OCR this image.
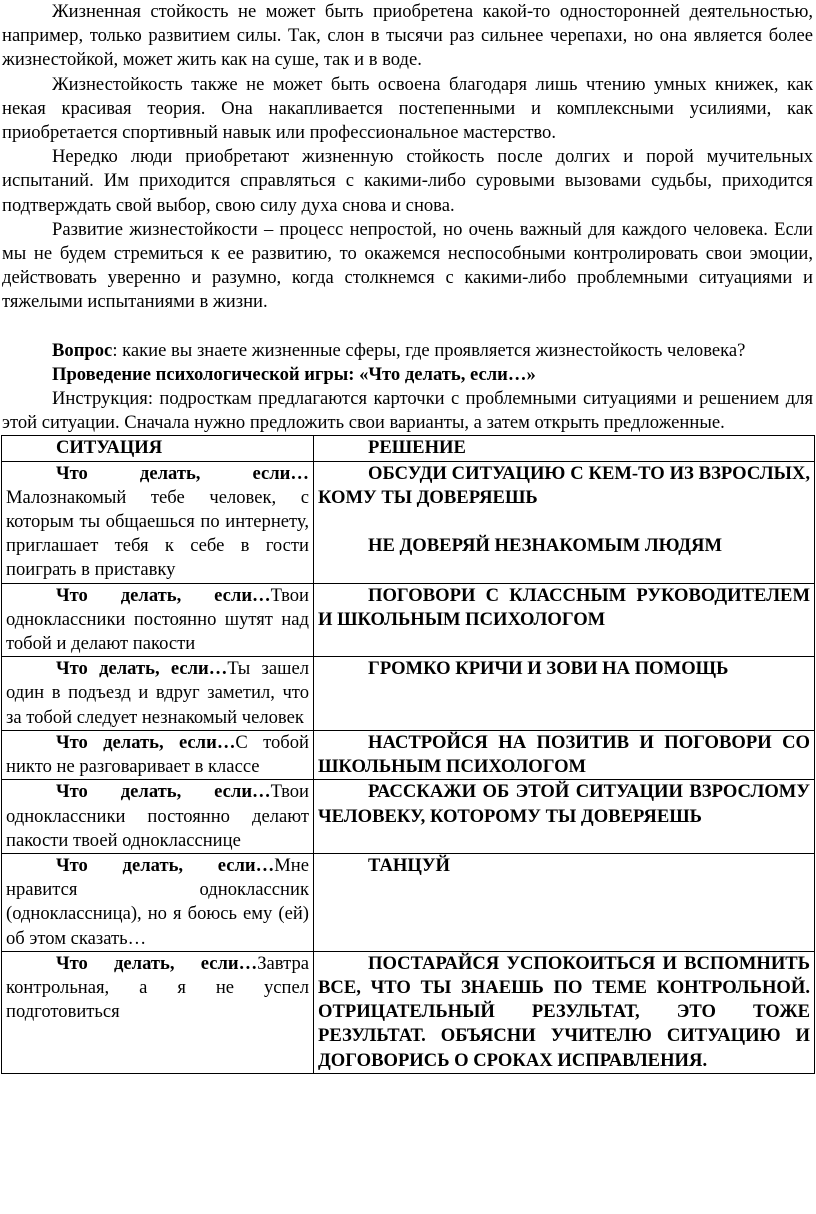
Жизненная стойкость не может быть приобретена какой-то односторонней деятельностью, например, только развитием силы. Так, слон в тысячи раз сильнее черепахи, но она является более жизнестойкой, может жить как на суше, так и в воде.

Жизнестойкость также не может быть освоена благодаря лишь чтению умных книжек, как некая красивая теория. Она накапливается постепенными и комплексными усилиями, как приобретается спортивный навык или профессиональное мастерство.

Нередко люди приобретают жизненную стойкость после долгих и порой мучительных испытаний. Им приходится справляться с какими-либо суровыми вызовами судьбы, приходится подтверждать свой выбор, свою силу духа снова и снова.

Развитие жизнестойкости – процесс непростой, но очень важный для каждого человека. Если мы не будем стремиться к ее развитию, то окажемся неспособными контролировать свои эмоции, действовать уверенно и разумно, когда столкнемся с какими-либо проблемными ситуациями и тяжелыми испытаниями в жизни.

Вопрос: какие вы знаете жизненные сферы, где проявляется жизнестойкость человека?

Проведение психологической игры: «Что делать, если…»

Инструкция: подросткам предлагаются карточки с проблемными ситуациями и решением для этой ситуации. Сначала нужно предложить свои варианты, а затем открыть предложенные.

СИТУАЦИЯ	РЕШЕНИЕ
Что делать, если…Малознакомый тебе человек, с которым ты общаешься по интернету, приглашает тебя к себе в гости поиграть в приставку	ОБСУДИ СИТУАЦИЮ С КЕМ-ТО ИЗ ВЗРОСЛЫХ, КОМУ ТЫ ДОВЕРЯЕШЬ
НЕ ДОВЕРЯЙ НЕЗНАКОМЫМ ЛЮДЯМ

Что делать, если…Твои одноклассники постоянно шутят над тобой и делают пакости	ПОГОВОРИ С КЛАССНЫМ РУКОВОДИТЕЛЕМ И ШКОЛЬНЫМ ПСИХОЛОГОМ
Что делать, если…Ты зашел один в подъезд и вдруг заметил, что за тобой следует незнакомый человек	ГРОМКО КРИЧИ И ЗОВИ НА ПОМОЩЬ
Что делать, если…С тобой никто не разговаривает в классе	НАСТРОЙСЯ НА ПОЗИТИВ И ПОГОВОРИ СО ШКОЛЬНЫМ ПСИХОЛОГОМ
Что делать, если…Твои одноклассники постоянно делают пакости твоей однокласснице	РАССКАЖИ ОБ ЭТОЙ СИТУАЦИИ ВЗРОСЛОМУ ЧЕЛОВЕКУ, КОТОРОМУ ТЫ ДОВЕРЯЕШЬ
Что делать, если…Мне нравится одноклассник (одноклассница), но я боюсь ему (ей) об этом сказать…	ТАНЦУЙ
Что делать, если…Завтра контрольная, а я не успел подготовиться	ПОСТАРАЙСЯ УСПОКОИТЬСЯ И ВСПОМНИТЬ ВСЕ, ЧТО ТЫ ЗНАЕШЬ ПО ТЕМЕ КОНТРОЛЬНОЙ. ОТРИЦАТЕЛЬНЫЙ РЕЗУЛЬТАТ, ЭТО ТОЖЕ РЕЗУЛЬТАТ. ОБЪЯСНИ УЧИТЕЛЮ СИТУАЦИЮ И ДОГОВОРИСЬ О СРОКАХ ИСПРАВЛЕНИЯ.
